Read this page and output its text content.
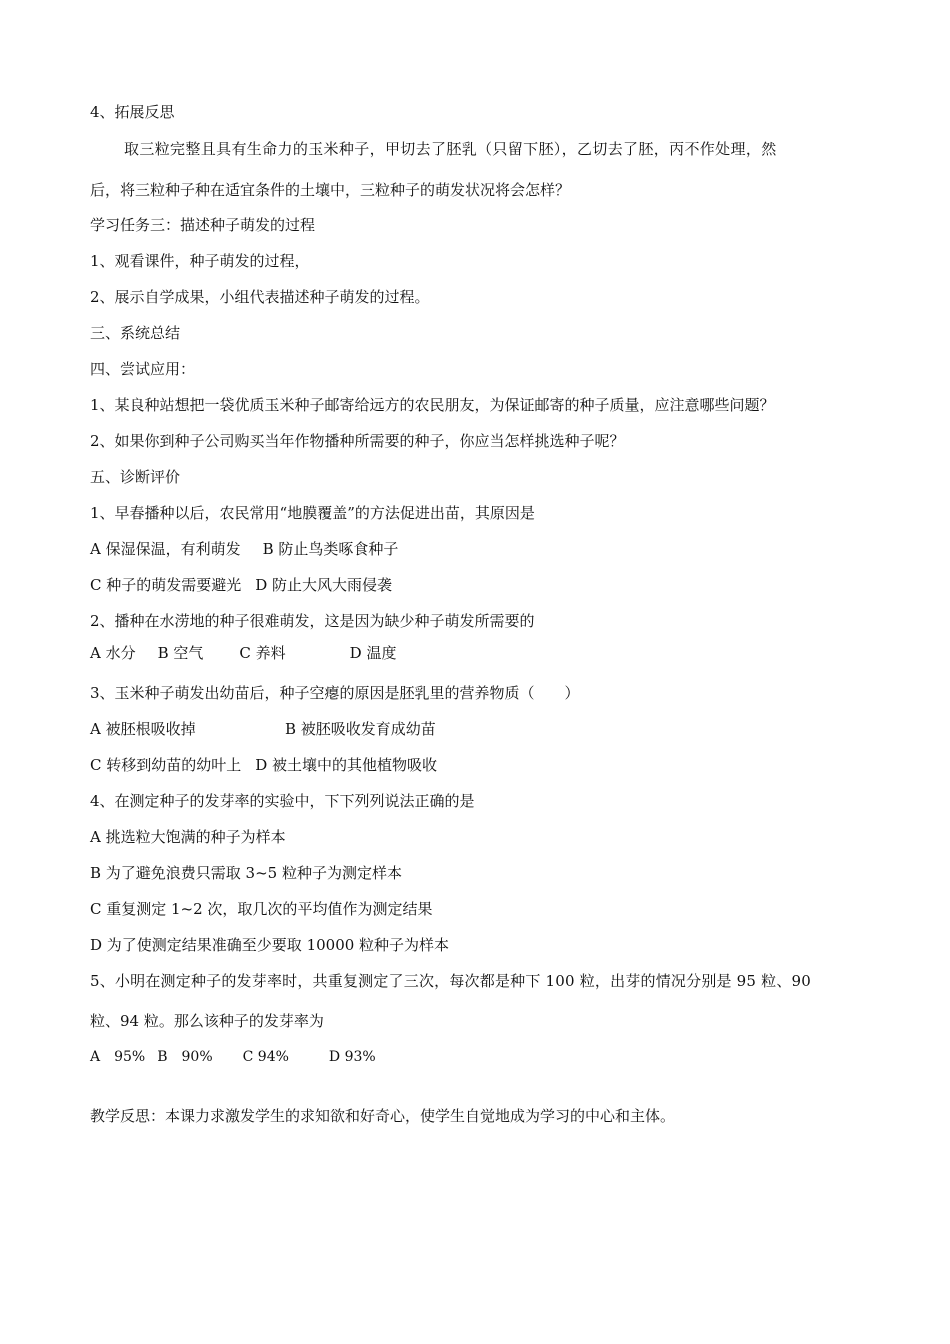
4、拓展反思
取三粒完整且具有生命力的玉米种子，甲切去了胚乳（只留下胚），乙切去了胚，丙不作处理，然
后，将三粒种子种在适宜条件的土壤中，三粒种子的萌发状况将会怎样？
学习任务三：描述种子萌发的过程
1、观看课件，种子萌发的过程，
2、展示自学成果，小组代表描述种子萌发的过程。
三、系统总结
四、尝试应用：
1、某良种站想把一袋优质玉米种子邮寄给远方的农民朋友，为保证邮寄的种子质量，应注意哪些问题？
2、如果你到种子公司购买当年作物播种所需要的种子，你应当怎样挑选种子呢？
五、诊断评价
1、早春播种以后，农民常用“地膜覆盖”的方法促进出苗，其原因是
A 保湿保温，有利萌发 B 防止鸟类啄食种子
C 种子的萌发需要避光 D 防止大风大雨侵袭
2、播种在水涝地的种子很难萌发，这是因为缺少种子萌发所需要的
A 水分 B 空气 C 养料	D 温度
3、玉米种子萌发出幼苗后，种子空瘪的原因是胚乳里的营养物质（　　）
A 被胚根吸收掉	B 被胚吸收发育成幼苗
C 转移到幼苗的幼叶上 D 被土壤中的其他植物吸收
4、在测定种子的发芽率的实验中，下下列列说法正确的是
A 挑选粒大饱满的种子为样本
B 为了避免浪费只需取 3~5 粒种子为测定样本
C 重复测定 1~2 次，取几次的平均值作为测定结果
D 为了使测定结果准确至少要取 10000 粒种子为样本
5、小明在测定种子的发芽率时，共重复测定了三次，每次都是种下 100 粒，出芽的情况分别是 95 粒、90
粒、94 粒。那么该种子的发芽率为
A　95% B　90% C 94%	D 93%
教学反思：本课力求激发学生的求知欲和好奇心，使学生自觉地成为学习的中心和主体。
